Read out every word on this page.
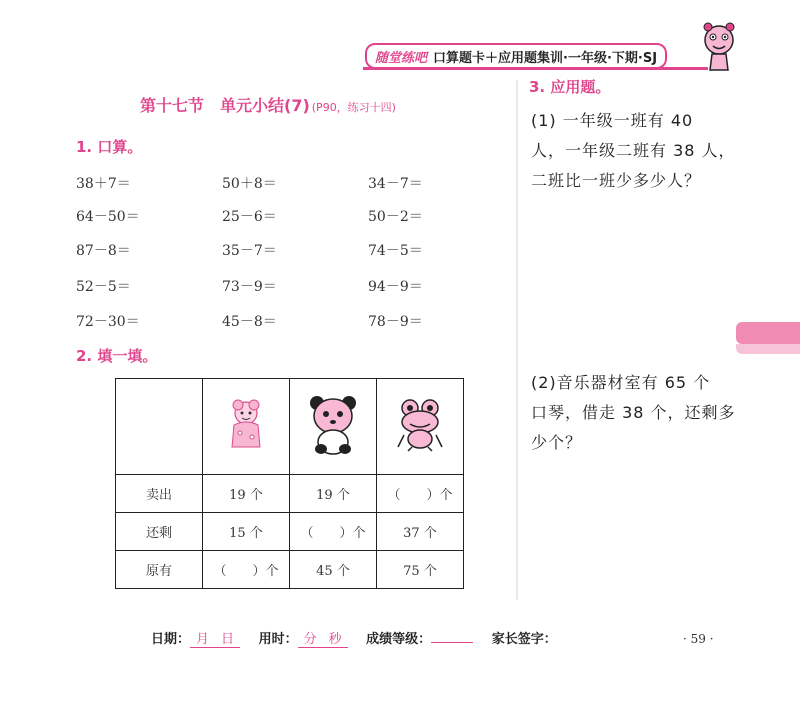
随堂练吧 口算题卡＋应用题集训·一年级·下期·SJ
第十七节　单元小结(7) (P90，练习十四)
1. 口算。
38＋7＝	50＋8＝	34－7＝
64－50＝	25－6＝	50－2＝
87－8＝	35－7＝	74－5＝
52－5＝	73－9＝	94－9＝
72－30＝	45－8＝	78－9＝
2. 填一填。

卖出	19 个	19 个	（　　）个
还剩	15 个	（　　）个	37 个
原有	（　　）个	45 个	75 个
3. 应用题。
(1) 一年级一班有 40
人，一年级二班有 38 人，
二班比一班少多少人？
(2)音乐器材室有 65 个
口琴，借走 38 个，还剩多
少个？
日期： 月 日 用时： 分 秒 成绩等级：	家长签字：	· 59 ·
